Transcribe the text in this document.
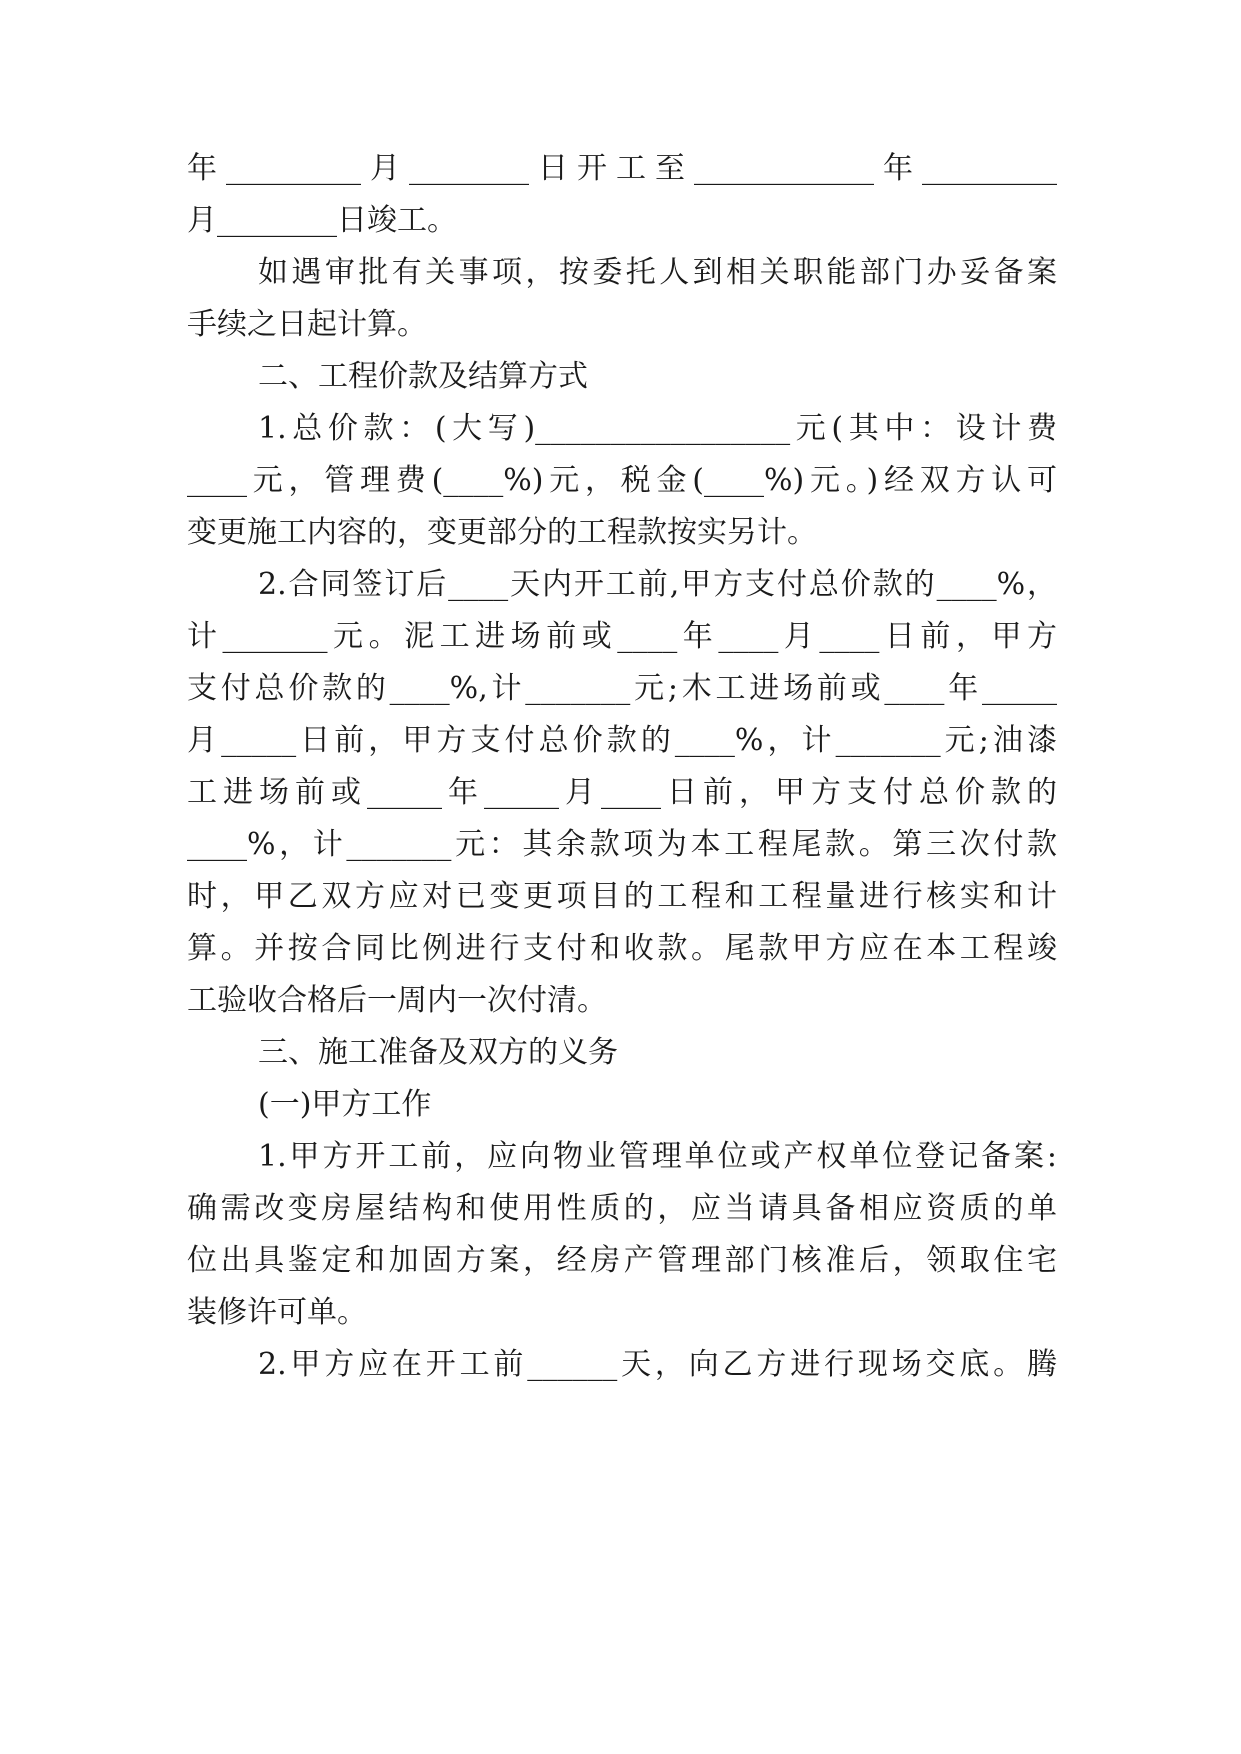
年_________月________日开工至____________年_________
月________日竣工。
如遇审批有关事项，按委托人到相关职能部门办妥备案
手续之日起计算。
二、工程价款及结算方式
1.总价款：(大写)_________________元(其中：设计费
____元，管理费(____%)元，税金(____%)元。)经双方认可
变更施工内容的，变更部分的工程款按实另计。
2.合同签订后____天内开工前,甲方支付总价款的____%，
计_______元。泥工进场前或____年____月____日前，甲方
支付总价款的____%,计_______元;木工进场前或____年_____
月_____日前，甲方支付总价款的____%，计_______元;油漆
工进场前或_____年_____月____日前，甲方支付总价款的
____%，计_______元：其余款项为本工程尾款。第三次付款
时，甲乙双方应对已变更项目的工程和工程量进行核实和计
算。并按合同比例进行支付和收款。尾款甲方应在本工程竣
工验收合格后一周内一次付清。
三、施工准备及双方的义务
(一)甲方工作
1.甲方开工前，应向物业管理单位或产权单位登记备案:
确需改变房屋结构和使用性质的，应当请具备相应资质的单
位出具鉴定和加固方案，经房产管理部门核准后，领取住宅
装修许可单。
2.甲方应在开工前______天，向乙方进行现场交底。腾
